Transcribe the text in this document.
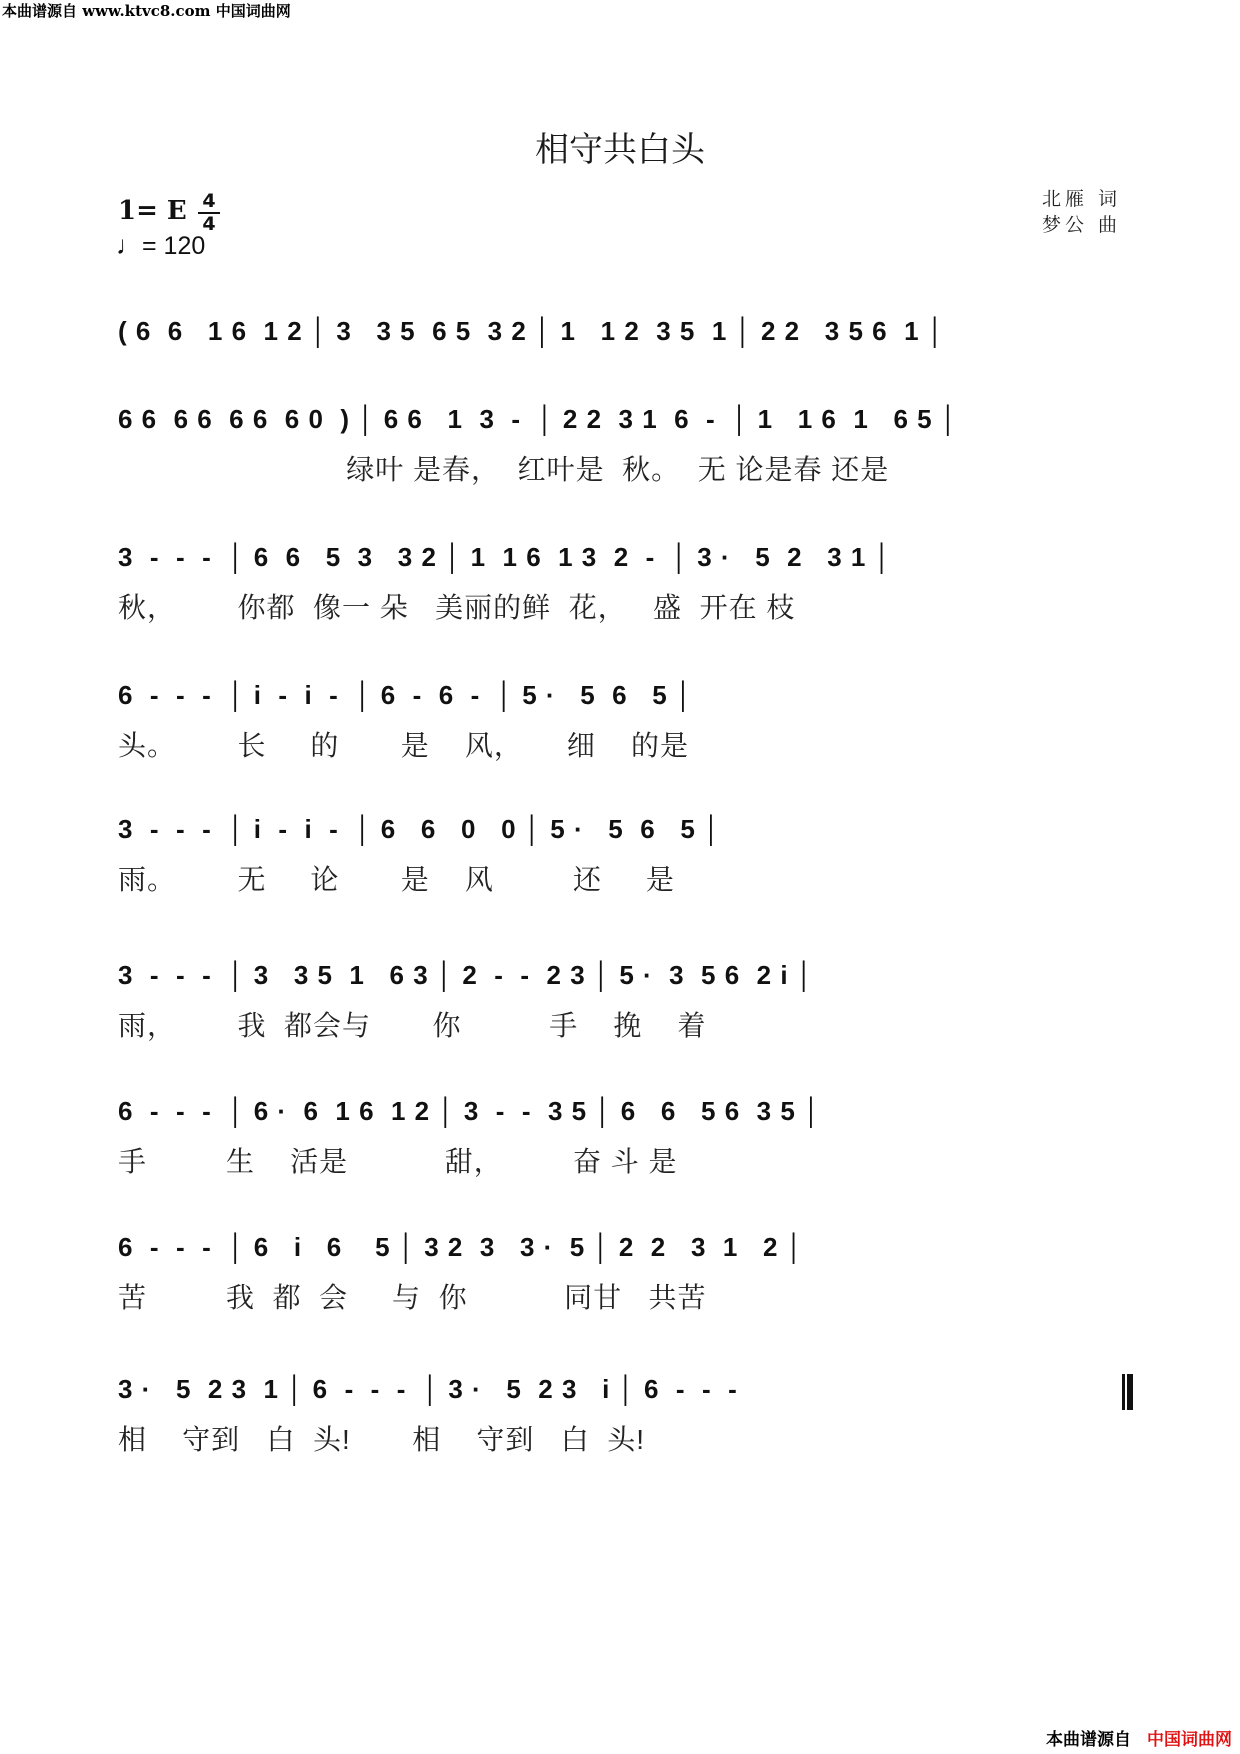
本曲谱源自 www.ktvc8.com 中国词曲网
相守共白头
1= E 4
4
♩= 120
北雁 词
梦公 曲
( 6  6   1 6  1 2 │ 3   3 5  6 5  3 2 │ 1   1 2  3 5  1 │ 2 2   3 5 6  1 │
6 6  6 6  6 6  6 0  ) │ 6 6   1  3  -  │ 2 2  3 1  6  -  │ 1   1 6  1   6 5 │
绿叶 是春，  红叶是  秋。  无 论是春 还是
3  -  -  -  │ 6  6   5  3   3 2 │ 1  1 6  1 3  2  -  │ 3 ·   5  2   3 1 │
秋，       你都  像一 朵   美丽的鲜  花，   盛  开在 枝
6  -  -  -  │ i  -  i  -  │ 6  -  6  -  │ 5 ·   5  6   5 │
头。       长     的       是    风，     细    的是
3  -  -  -  │ i  -  i  -  │ 6   6   0   0 │ 5 ·   5  6   5 │
雨。       无     论       是    风         还     是
3  -  -  -  │ 3   3 5  1   6 3 │ 2  -  -  2 3 │ 5 ·  3  5 6  2 i │
雨，       我  都会与       你          手    挽    着
6  -  -  -  │ 6 ·  6  1 6  1 2 │ 3  -  -  3 5 │ 6   6   5 6  3 5 │
手         生    活是           甜，        奋 斗 是
6  -  -  -  │ 6   i   6    5 │ 3 2  3   3 ·  5 │ 2  2   3  1   2 │
苦         我  都  会     与  你           同甘   共苦
3 ·   5  2 3  1 │ 6  -  -  -  │ 3 ·   5  2 3   i │ 6  -  -  -
相    守到   白  头!       相    守到   白  头!
本曲谱源自 中国词曲网
